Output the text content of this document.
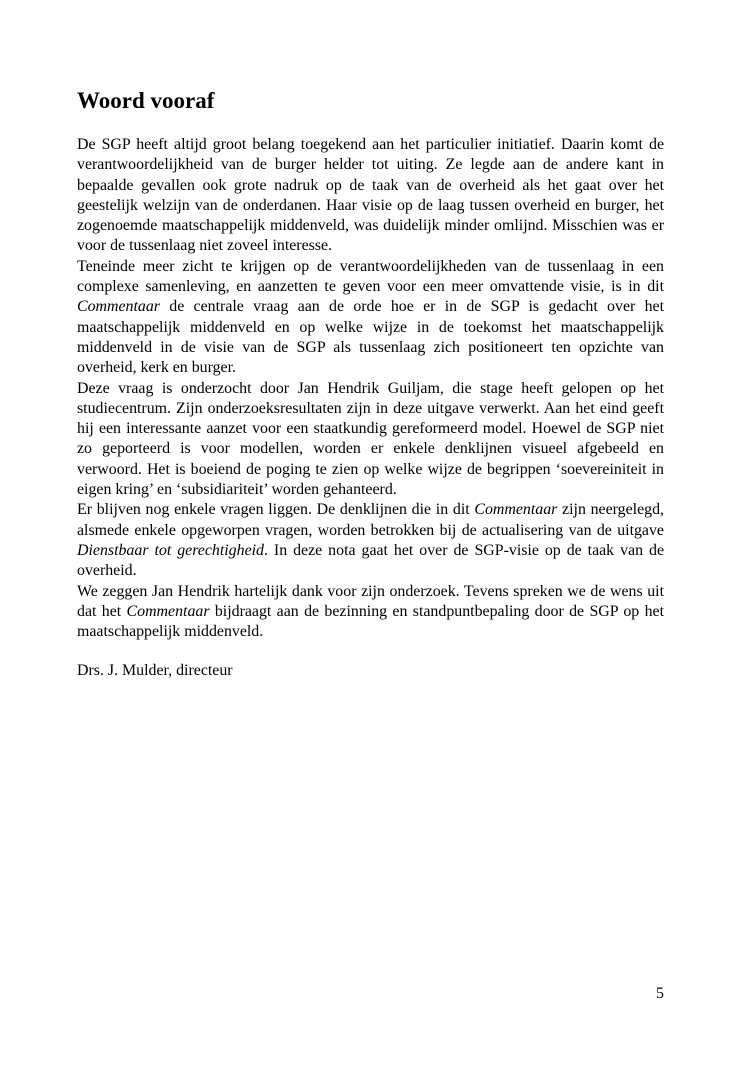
Woord vooraf

De SGP heeft altijd groot belang toegekend aan het particulier initiatief. Daarin komt de verantwoordelijkheid van de burger helder tot uiting. Ze legde aan de andere kant in bepaalde gevallen ook grote nadruk op de taak van de overheid als het gaat over het geestelijk welzijn van de onderdanen. Haar visie op de laag tussen overheid en burger, het zogenoemde maatschappelijk middenveld, was duidelijk minder omlijnd. Misschien was er voor de tussenlaag niet zoveel interesse.

Teneinde meer zicht te krijgen op de verantwoordelijkheden van de tussenlaag in een complexe samenleving, en aanzetten te geven voor een meer omvattende visie, is in dit Commentaar de centrale vraag aan de orde hoe er in de SGP is gedacht over het maatschappelijk middenveld en op welke wijze in de toekomst het maatschappelijk middenveld in de visie van de SGP als tussenlaag zich positioneert ten opzichte van overheid, kerk en burger.

Deze vraag is onderzocht door Jan Hendrik Guiljam, die stage heeft gelopen op het studiecentrum. Zijn onderzoeksresultaten zijn in deze uitgave verwerkt. Aan het eind geeft hij een interessante aanzet voor een staatkundig gereformeerd model. Hoewel de SGP niet zo geporteerd is voor modellen, worden er enkele denklijnen visueel afgebeeld en verwoord. Het is boeiend de poging te zien op welke wijze de begrippen ‘soevereiniteit in eigen kring’ en ‘subsidiariteit’ worden gehanteerd.

Er blijven nog enkele vragen liggen. De denklijnen die in dit Commentaar zijn neergelegd, alsmede enkele opgeworpen vragen, worden betrokken bij de actualisering van de uitgave Dienstbaar tot gerechtigheid. In deze nota gaat het over de SGP-visie op de taak van de overheid.

We zeggen Jan Hendrik hartelijk dank voor zijn onderzoek. Tevens spreken we de wens uit dat het Commentaar bijdraagt aan de bezinning en standpuntbepaling door de SGP op het maatschappelijk middenveld.

Drs. J. Mulder, directeur

5
